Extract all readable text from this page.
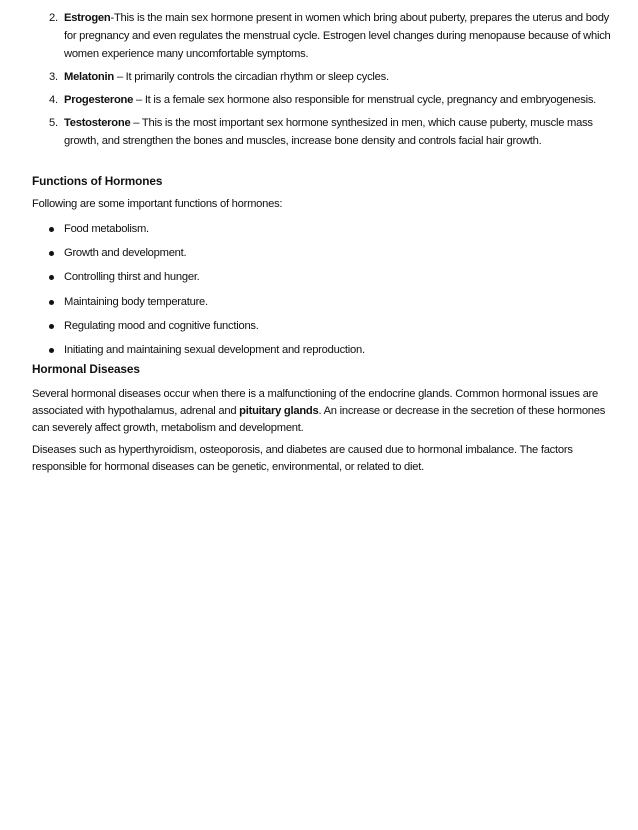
2. Estrogen-This is the main sex hormone present in women which bring about puberty, prepares the uterus and body for pregnancy and even regulates the menstrual cycle. Estrogen level changes during menopause because of which women experience many uncomfortable symptoms.
3. Melatonin – It primarily controls the circadian rhythm or sleep cycles.
4. Progesterone – It is a female sex hormone also responsible for menstrual cycle, pregnancy and embryogenesis.
5. Testosterone – This is the most important sex hormone synthesized in men, which cause puberty, muscle mass growth, and strengthen the bones and muscles, increase bone density and controls facial hair growth.
Functions of Hormones

Following are some important functions of hormones:

Food metabolism.
Growth and development.
Controlling thirst and hunger.
Maintaining body temperature.
Regulating mood and cognitive functions.
Initiating and maintaining sexual development and reproduction.
Hormonal Diseases

Several hormonal diseases occur when there is a malfunctioning of the endocrine glands. Common hormonal issues are associated with hypothalamus, adrenal and pituitary glands. An increase or decrease in the secretion of these hormones can severely affect growth, metabolism and development.

Diseases such as hyperthyroidism, osteoporosis, and diabetes are caused due to hormonal imbalance. The factors responsible for hormonal diseases can be genetic, environmental, or related to diet.
